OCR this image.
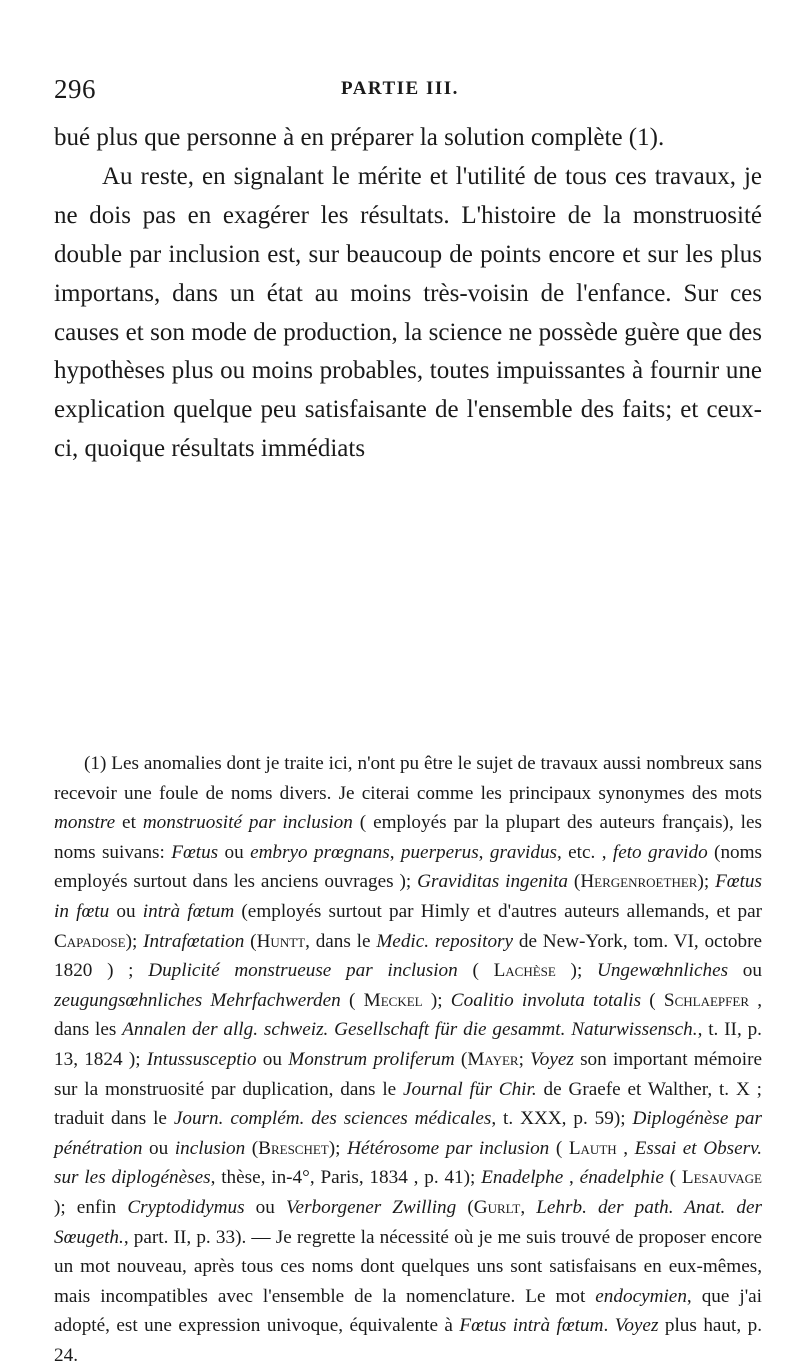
296	PARTIE III.

bué plus que personne à en préparer la solution complète (1).

Au reste, en signalant le mérite et l'utilité de tous ces travaux, je ne dois pas en exagérer les résultats. L'histoire de la monstruosité double par inclusion est, sur beaucoup de points encore et sur les plus importans, dans un état au moins très-voisin de l'enfance. Sur ces causes et son mode de production, la science ne possède guère que des hypothèses plus ou moins probables, toutes impuissantes à fournir une explication quelque peu satisfaisante de l'ensemble des faits; et ceux-ci, quoique résultats immédiats

(1) Les anomalies dont je traite ici, n'ont pu être le sujet de travaux aussi nombreux sans recevoir une foule de noms divers. Je citerai comme les principaux synonymes des mots monstre et monstruosité par inclusion ( employés par la plupart des auteurs français), les noms suivans: Fœtus ou embryo prœgnans, puerperus, gravidus, etc. , feto gravido (noms employés surtout dans les anciens ouvrages ); Graviditas ingenita (Hergenroether); Fœtus in fœtu ou intrà fœtum (employés surtout par Himly et d'autres auteurs allemands, et par Capadose); Intrafœtation (Huntt, dans le Medic. repository de New-York, tom. VI, octobre 1820 ) ; Duplicité monstrueuse par inclusion ( Lachèse ); Ungewœhnliches ou zeugungsœhnliches Mehrfachwerden ( Meckel ); Coalitio involuta totalis ( Schlaepfer , dans les Annalen der allg. schweiz. Gesellschaft für die gesammt. Naturwissensch., t. II, p. 13, 1824 ); Intussusceptio ou Monstrum proliferum (Mayer; Voyez son important mémoire sur la monstruosité par duplication, dans le Journal für Chir. de Graefe et Walther, t. X ; traduit dans le Journ. complém. des sciences médicales, t. XXX, p. 59); Diplogénèse par pénétration ou inclusion (Breschet); Hétérosome par inclusion ( Lauth , Essai et Observ. sur les diplogénèses, thèse, in-4°, Paris, 1834 , p. 41); Enadelphe , énadelphie ( Lesauvage ); enfin Cryptodidymus ou Verborgener Zwilling (Gurlt, Lehrb. der path. Anat. der Sœugeth., part. II, p. 33). — Je regrette la nécessité où je me suis trouvé de proposer encore un mot nouveau, après tous ces noms dont quelques uns sont satisfaisans en eux-mêmes, mais incompatibles avec l'ensemble de la nomenclature. Le mot endocymien, que j'ai adopté, est une expression univoque, équivalente à Fœtus intrà fœtum. Voyez plus haut, p. 24.
